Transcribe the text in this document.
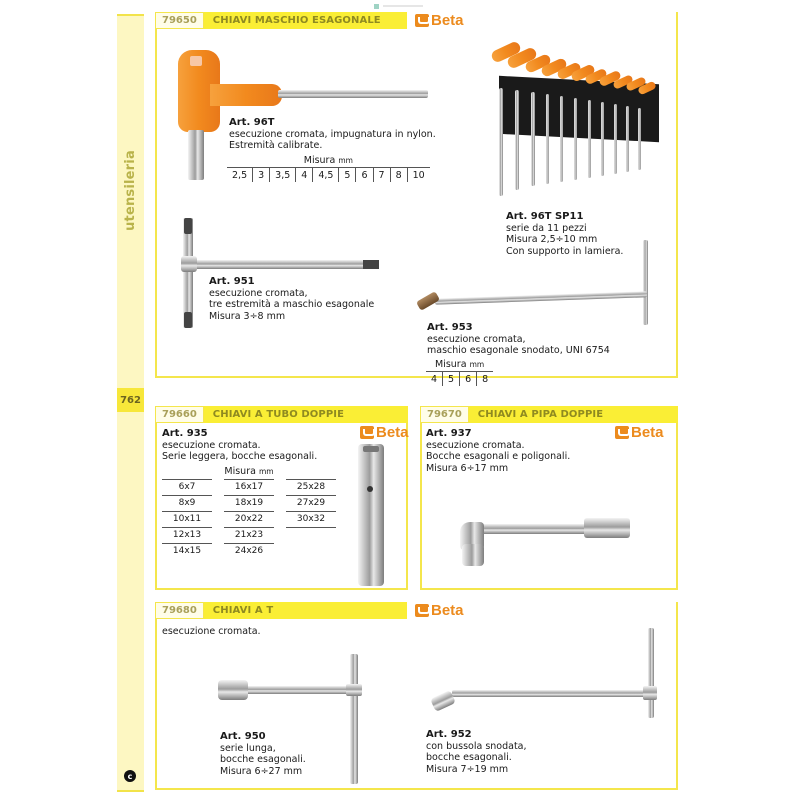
utensileria
762
c
79650	CHIAVI MASCHIO ESAGONALE	Beta
Art. 96T
esecuzione cromata, impugnatura in nylon.
Estremità calibrate.
Misura mm
2,5	3	3,5	4	4,5	5	6	7	8	10
Art. 96T SP11
serie da 11 pezzi
Misura 2,5÷10 mm
Con supporto in lamiera.
Art. 951
esecuzione cromata,
tre estremità a maschio esagonale
Misura 3÷8 mm
Art. 953
esecuzione cromata,
maschio esagonale snodato, UNI 6754
Misura mm
4	5	6	8
79660	CHIAVI A TUBO DOPPIE
Beta
Art. 935
esecuzione cromata.
Serie leggera, bocche esagonali.
Misura mm
6x7	16x17	25x28
8x9	18x19	27x29
10x11	20x22	30x32
12x13	21x23

14x15	24x26

79670	CHIAVI A PIPA DOPPIE
Beta
Art. 937
esecuzione cromata.
Bocche esagonali e poligonali.
Misura 6÷17 mm
79680	CHIAVI A T	Beta
esecuzione cromata.
Art. 950
serie lunga,
bocche esagonali.
Misura 6÷27 mm
Art. 952
con bussola snodata,
bocche esagonali.
Misura 7÷19 mm
